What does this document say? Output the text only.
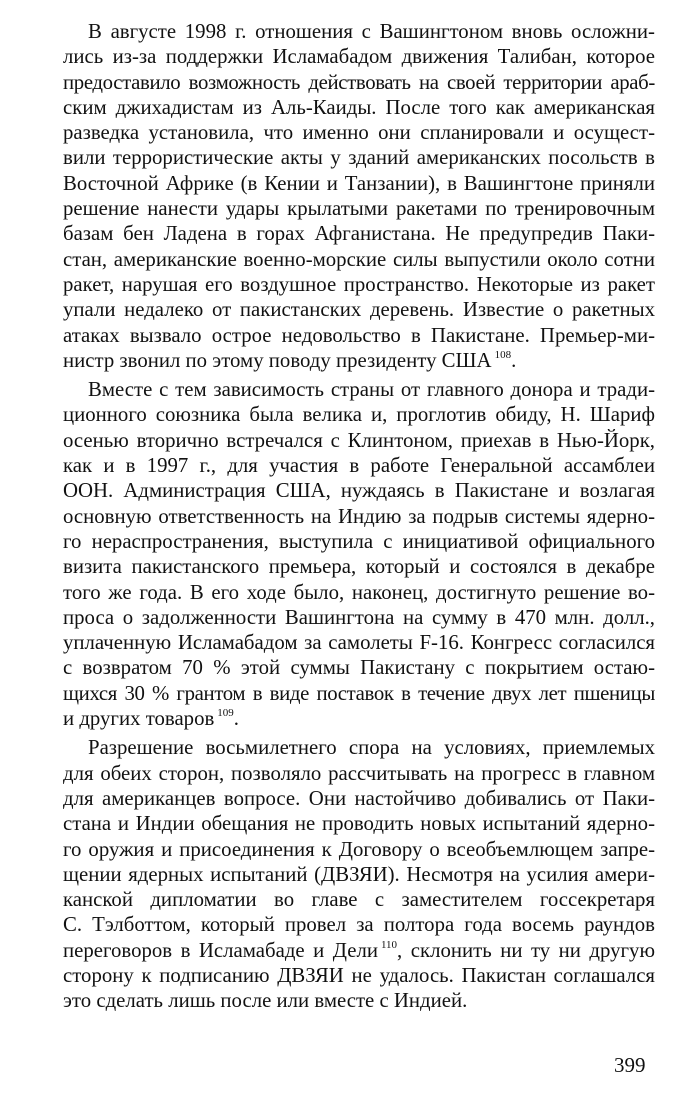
В августе 1998 г. отношения с Вашингтоном вновь осложни-
лись из-за поддержки Исламабадом движения Талибан, которое
предоставило возможность действовать на своей территории араб-
ским джихадистам из Аль-Каиды. После того как американская
разведка установила, что именно они спланировали и осущест-
вили террористические акты у зданий американских посольств в
Восточной Африке (в Кении и Танзании), в Вашингтоне приняли
решение нанести удары крылатыми ракетами по тренировочным
базам бен Ладена в горах Афганистана. Не предупредив Паки-
стан, американские военно-морские силы выпустили около сотни
ракет, нарушая его воздушное пространство. Некоторые из ракет
упали недалеко от пакистанских деревень. Известие о ракетных
атаках вызвало острое недовольство в Пакистане. Премьер-ми-
нистр звонил по этому поводу президенту США $^{108}$.

Вместе с тем зависимость страны от главного донора и тради-
ционного союзника была велика и, проглотив обиду, Н. Шариф
осенью вторично встречался с Клинтоном, приехав в Нью-Йорк,
как и в 1997 г., для участия в работе Генеральной ассамблеи
ООН. Администрация США, нуждаясь в Пакистане и возлагая
основную ответственность на Индию за подрыв системы ядерно-
го нераспространения, выступила с инициативой официального
визита пакистанского премьера, который и состоялся в декабре
того же года. В его ходе было, наконец, достигнуто решение во-
проса о задолженности Вашингтона на сумму в 470 млн. долл.,
уплаченную Исламабадом за самолеты F-16. Конгресс согласился
с возвратом 70 % этой суммы Пакистану с покрытием остаю-
щихся 30 % грантом в виде поставок в течение двух лет пшеницы
и других товаров $^{109}$.

Разрешение восьмилетнего спора на условиях, приемлемых
для обеих сторон, позволяло рассчитывать на прогресс в главном
для американцев вопросе. Они настойчиво добивались от Паки-
стана и Индии обещания не проводить новых испытаний ядерно-
го оружия и присоединения к Договору о всеобъемлющем запре-
щении ядерных испытаний (ДВЗЯИ). Несмотря на усилия амери-
канской дипломатии во главе с заместителем госсекретаря
С. Тэлботтом, который провел за полтора года восемь раундов
переговоров в Исламабаде и Дели $^{110}$, склонить ни ту ни другую
сторону к подписанию ДВЗЯИ не удалось. Пакистан соглашался
это сделать лишь после или вместе с Индией.

399
